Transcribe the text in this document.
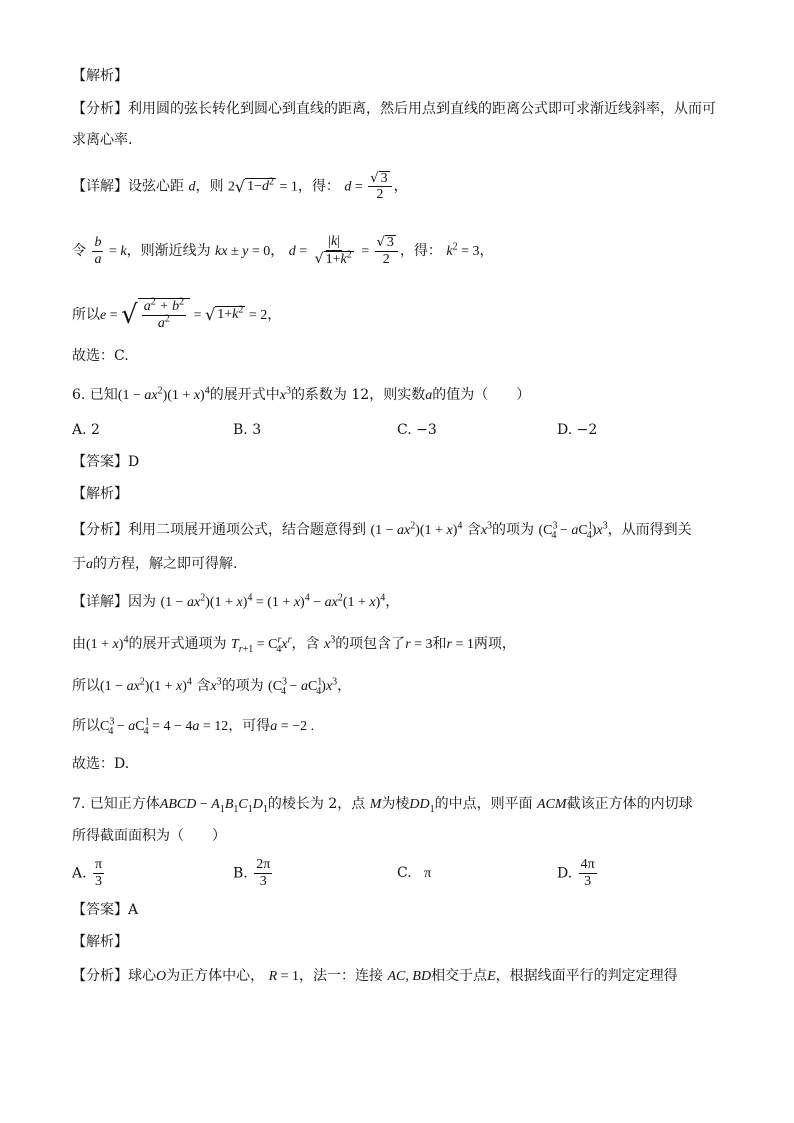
【解析】
【分析】利用圆的弦长转化到圆心到直线的距离，然后用点到直线的距离公式即可求渐近线斜率，从而可
求离心率.
【详解】设弦心距 d，则 2 √ $1-d^2 = 1$，得： $d = \frac{√ 3}{2}$ ，
令 $\frac{b}{a} = k$，则渐近线为 kx ± y = 0， $d = \frac{|k|}{√ 1+k^2} = \frac{√ 3}{2}$ ，得： $k^2 = 3$，
所以e = √ $\frac{a^2 + b^2}{a^2}$ = √ $1+k^2 = 2$，
故选：C.
6. 已知$(1 - ax^2)(1 + x)^4$的展开式中$x^3$的系数为 12，则实数a的值为（　　）
A. 2	B. 3	C. −3	D. −2
【答案】D
【解析】
【分析】利用二项展开通项公式，结合题意得到 $(1 - ax^2)(1 + x)^4$ 含$x^3$的项为 $(C^3_4 - aC^1_4)x^3$，从而得到关
于a的方程，解之即可得解.
【详解】因为 $(1 - ax^2)(1 + x)^4 = (1 + x)^4 - ax^2(1 + x)^4$，
由$(1 + x)^4$的展开式通项为 $T_{r+1} = C^r_4x^r$，含 $x^3$的项包含了r = 3和r = 1两项，
所以$(1 - ax^2)(1 + x)^4$ 含$x^3$的项为 $(C^3_4 - aC^1_4)x^3$，
所以$C^3_4 - aC^1_4 = 4 - 4a = 12$，可得a = −2 .
故选：D.
7. 已知正方体ABCD − $A_1B_1C_1D_1$的棱长为 2，点 M为棱$DD_1$的中点，则平面 ACM截该正方体的内切球
所得截面面积为（　　）
A. $\frac{\pi}{3}$	B. $\frac{2\pi}{3}$	C. π	D. $\frac{4\pi}{3}$
【答案】A
【解析】
【分析】球心O为正方体中心， R = 1，法一：连接 AC, BD相交于点E，根据线面平行的判定定理得
